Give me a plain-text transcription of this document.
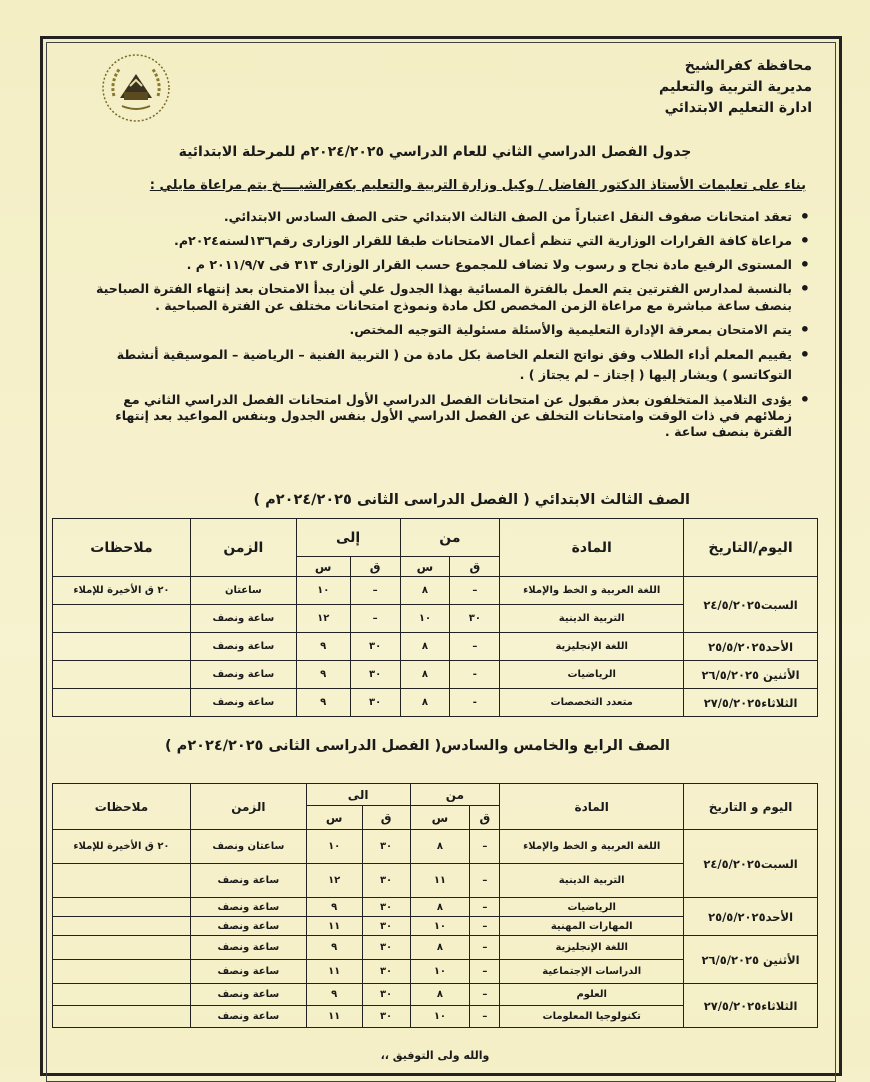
محافظة كفرالشيخ
مديرية التربية والتعليم
ادارة التعليم الابتدائي
جدول الفصل الدراسي الثاني للعام الدراسي ٢٠٢٤/٢٠٢٥م للمرحلة الابتدائية
بناء على تعليمات الأستاذ الدكتور الفاضل / وكيل وزارة التربية والتعليم بكفرالشيــــخ يتم مراعاة مايلي :
• تعقد امتحانات صفوف النقل اعتباراً من الصف الثالث الابتدائي حتى الصف السادس الابتدائي.
• مراعاة كافة القرارات الوزارية التي تنظم أعمال الامتحانات طبقا للقرار الوزارى رقم١٣٦لسنه٢٠٢٤م.
• المستوى الرفيع مادة نجاح و رسوب ولا تضاف للمجموع حسب القرار الوزارى ٣١٣ فى ٢٠١١/٩/٧ م .
• بالنسبة لمدارس الفترتين يتم العمل بالفترة المسائية بهذا الجدول علي أن يبدأ الامتحان بعد إنتهاء الفترة الصباحية بنصف ساعة مباشرة مع مراعاة الزمن المخصص لكل مادة ونموذج امتحانات مختلف عن الفترة الصباحية .
• يتم الامتحان بمعرفة الإدارة التعليمية والأسئلة مسئولية التوجيه المختص.
• يقييم المعلم أداء الطلاب وفق نواتج التعلم الخاصة بكل مادة من ( التربية الفنية – الرياضية – الموسيقية أنشطة التوكاتسو ) ويشار إليها ( إجتاز – لم يجتاز ) .
• يؤدى التلاميذ المتخلفون بعذر مقبول عن امتحانات الفصل الدراسي الأول امتحانات الفصل الدراسي الثاني مع زملائهم في ذات الوقت وامتحانات التخلف عن الفصل الدراسي الأول بنفس الجدول وبنفس المواعيد بعد إنتهاء الفترة بنصف ساعة .
الصف الثالث الابتدائي ( الفصل الدراسى الثانى ٢٠٢٤/٢٠٢٥م )
اليوم/التاريخ	المادة	من		إلى		الزمن	ملاحظات
		ق	س	ق	س		
السبت٢٤/٥/٢٠٢٥	اللغة العربية و الخط والإملاء	–	٨	–	١٠	ساعتان	٢٠ ق الأخيرة للإملاء
	التربية الدينية	٣٠	١٠	–	١٢	ساعة ونصف	
الأحد٢٥/٥/٢٠٢٥	اللغة الإنجليزية	–	٨	٣٠	٩	ساعة ونصف	
الأثنين ٢٦/٥/٢٠٢٥	الرياضيات	-	٨	٣٠	٩	ساعة ونصف	
الثلاثاء٢٧/٥/٢٠٢٥	متعدد التخصصات	-	٨	٣٠	٩	ساعة ونصف	
الصف الرابع والخامس والسادس( الفصل الدراسى الثانى ٢٠٢٤/٢٠٢٥م )
اليوم و التاريخ	المادة	من		الى		الزمن	ملاحظات
		ق	س	ق	س		
السبت٢٤/٥/٢٠٢٥	اللغة العربية و الخط والإملاء	–	٨	٣٠	١٠	ساعتان ونصف	٢٠ ق الأخيرة للإملاء
	التربية الدينية	–	١١	٣٠	١٢	ساعة ونصف	
الأحد٢٥/٥/٢٠٢٥	الرياضيات	–	٨	٣٠	٩	ساعة ونصف	
	المهارات المهنية	–	١٠	٣٠	١١	ساعة ونصف	
الأثنين ٢٦/٥/٢٠٢٥	اللغة الإنجليزية	–	٨	٣٠	٩	ساعة ونصف	
	الدراسات الإجتماعية	–	١٠	٣٠	١١	ساعة ونصف	
الثلاثاء٢٧/٥/٢٠٢٥	العلوم	–	٨	٣٠	٩	ساعة ونصف	
	تكنولوجيا المعلومات	–	١٠	٣٠	١١	ساعة ونصف	
والله ولى التوفيق ،،
